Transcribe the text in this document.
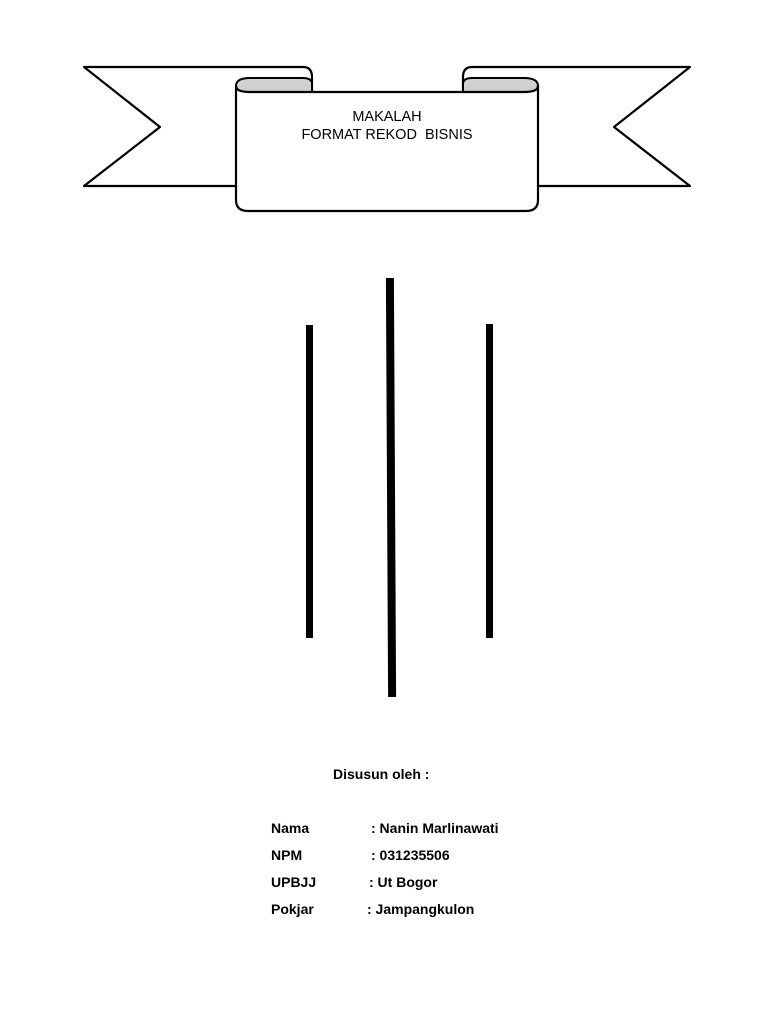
MAKALAH
FORMAT REKOD  BISNIS
Disusun oleh :

Nama

	: Nanin Marlinawati

NPM

	: 031235506

UPBJJ

	: Ut Bogor

Pokjar

	: Jampangkulon
